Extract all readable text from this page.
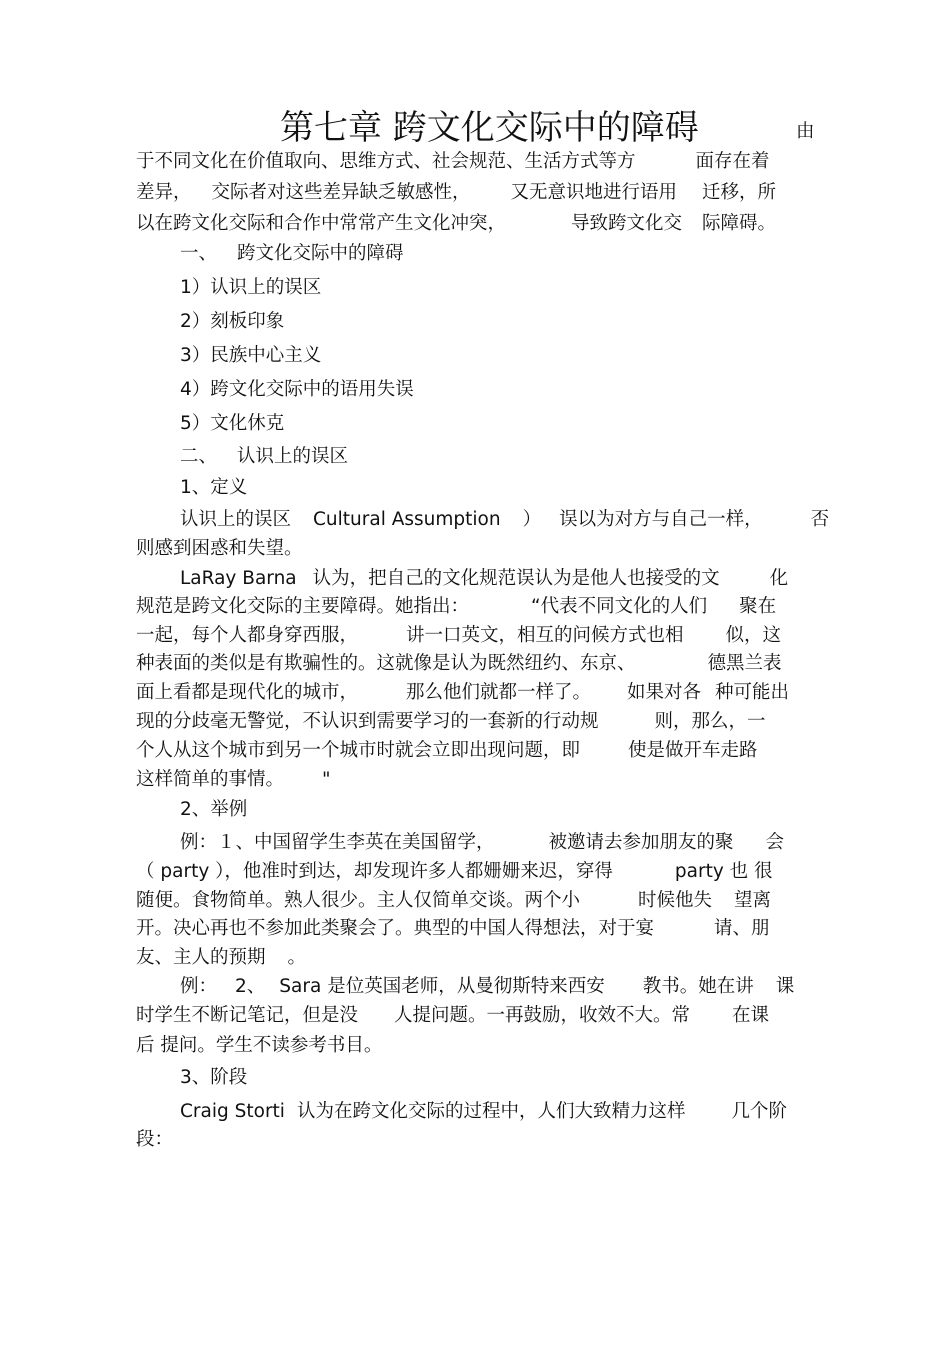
第七章 跨文化交际中的障碍	由
于不同文化在价值取向、思维方式、社会规范、生活方式等方	面存在着
差异， 交际者对这些差异缺乏敏感性， 又无意识地进行语用 迁移，所
以在跨文化交际和合作中常常产生文化冲突，	导致跨文化交 际障碍。
一、 跨文化交际中的障碍
1）认识上的误区
2）刻板印象
3）民族中心主义
4）跨文化交际中的语用失误
5）文化休克
二、 认识上的误区
1、定义
认识上的误区 Cultural Assumption ） 误以为对方与自己一样，	否
则感到困惑和失望。
LaRay Barna 认为，把自己的文化规范误认为是他人也接受的文	化
规范是跨文化交际的主要障碍。她指出：	“代表不同文化的人们 聚在
一起，每个人都身穿西服，	讲一口英文，相互的问候方式也相 似，这
种表面的类似是有欺骗性的。这就像是认为既然纽约、东京、	德黑兰表
面上看都是现代化的城市，	那么他们就都一样了。 如果对各 种可能出
现的分歧毫无警觉，不认识到需要学习的一套新的行动规	则，那么，一
个人从这个城市到另一个城市时就会立即出现问题，即	使是做开车走路
这样简单的事情。 "
2、举例
例：１、中国留学生李英在美国留学，	被邀请去参加朋友的聚 会
（ party ），他准时到达，却发现许多人都姗姗来迟，穿得	party 也 很
随便。食物简单。熟人很少。主人仅简单交谈。两个小	时候他失 望离
开。决心再也不参加此类聚会了。典型的中国人得想法，对于宴	请、朋
友、主人的预期 。
例： 2、 Sara 是位英国老师，从曼彻斯特来西安 教书。她在讲 课
时学生不断记笔记，但是没 人提问题。一再鼓励，收效不大。常 在课
后 提问。学生不读参考书目。
3、阶段
Craig Storti 认为在跨文化交际的过程中，人们大致精力这样 几个阶
段：
